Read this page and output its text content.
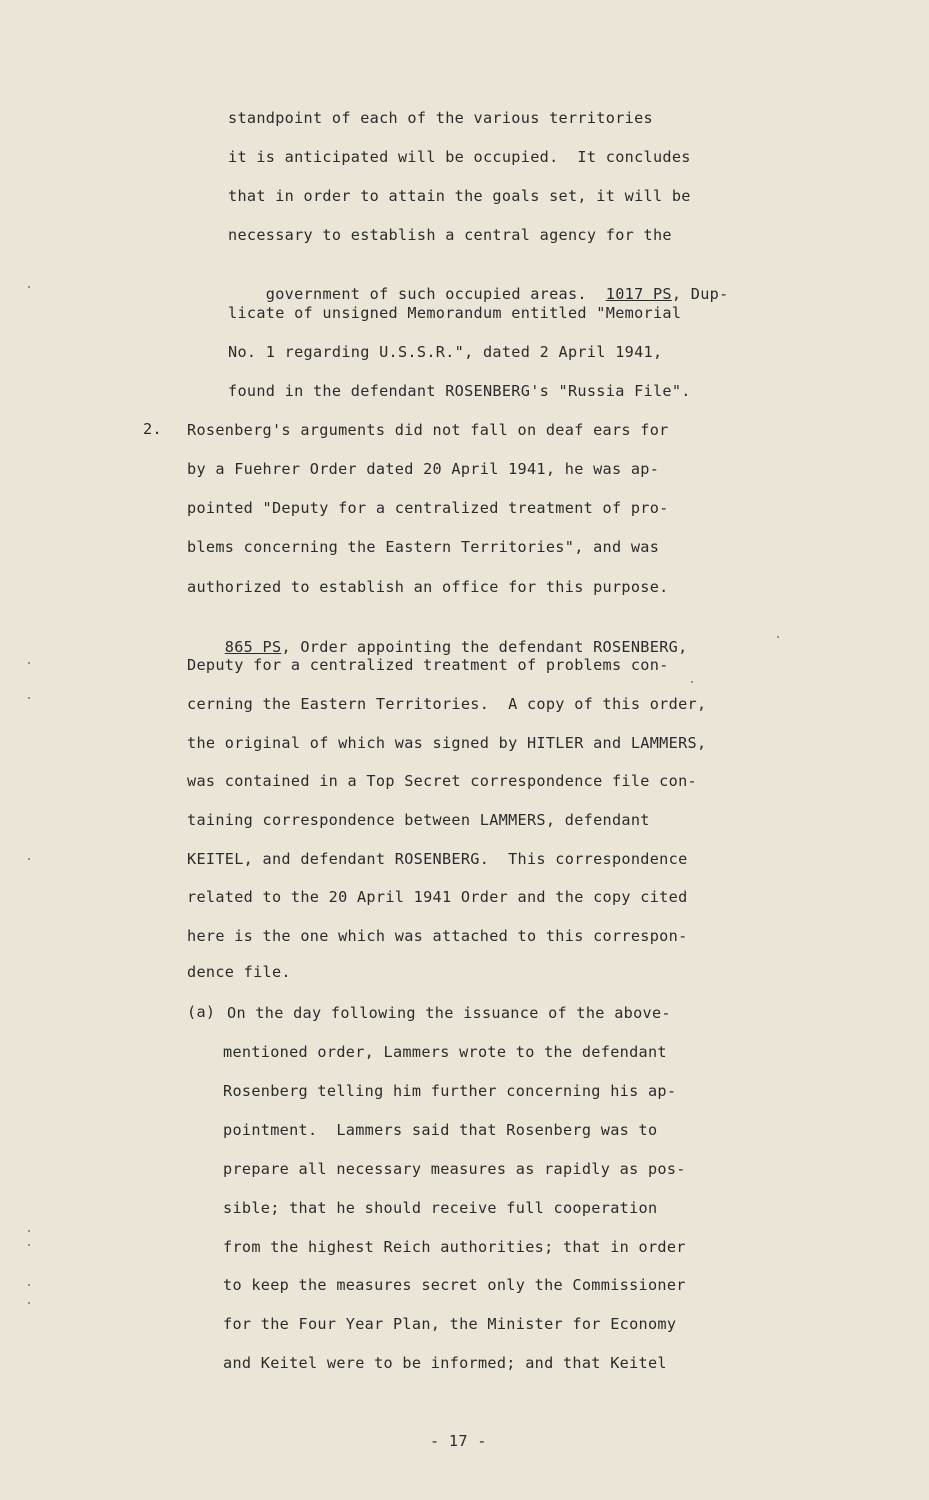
standpoint of each of the various territories
it is anticipated will be occupied.  It concludes
that in order to attain the goals set, it will be
necessary to establish a central agency for the

government of such occupied areas. 1017 PS, Dup-

licate of unsigned Memorandum entitled "Memorial
No. 1 regarding U.S.S.R.", dated 2 April 1941,
found in the defendant ROSENBERG's "Russia File".
2. Rosenberg's arguments did not fall on deaf ears for
by a Fuehrer Order dated 20 April 1941, he was ap-
pointed "Deputy for a centralized treatment of pro-
blems concerning the Eastern Territories", and was
authorized to establish an office for this purpose.

865 PS, Order appointing the defendant ROSENBERG,

Deputy for a centralized treatment of problems con-
cerning the Eastern Territories.  A copy of this order,
the original of which was signed by HITLER and LAMMERS,
was contained in a Top Secret correspondence file con-
taining correspondence between LAMMERS, defendant
KEITEL, and defendant ROSENBERG.  This correspondence
related to the 20 April 1941 Order and the copy cited
here is the one which was attached to this correspon-
dence file.
(a) On the day following the issuance of the above-
mentioned order, Lammers wrote to the defendant
Rosenberg telling him further concerning his ap-
pointment.  Lammers said that Rosenberg was to
prepare all necessary measures as rapidly as pos-
sible; that he should receive full cooperation
from the highest Reich authorities; that in order
to keep the measures secret only the Commissioner
for the Four Year Plan, the Minister for Economy
and Keitel were to be informed; and that Keitel
- 17 -
